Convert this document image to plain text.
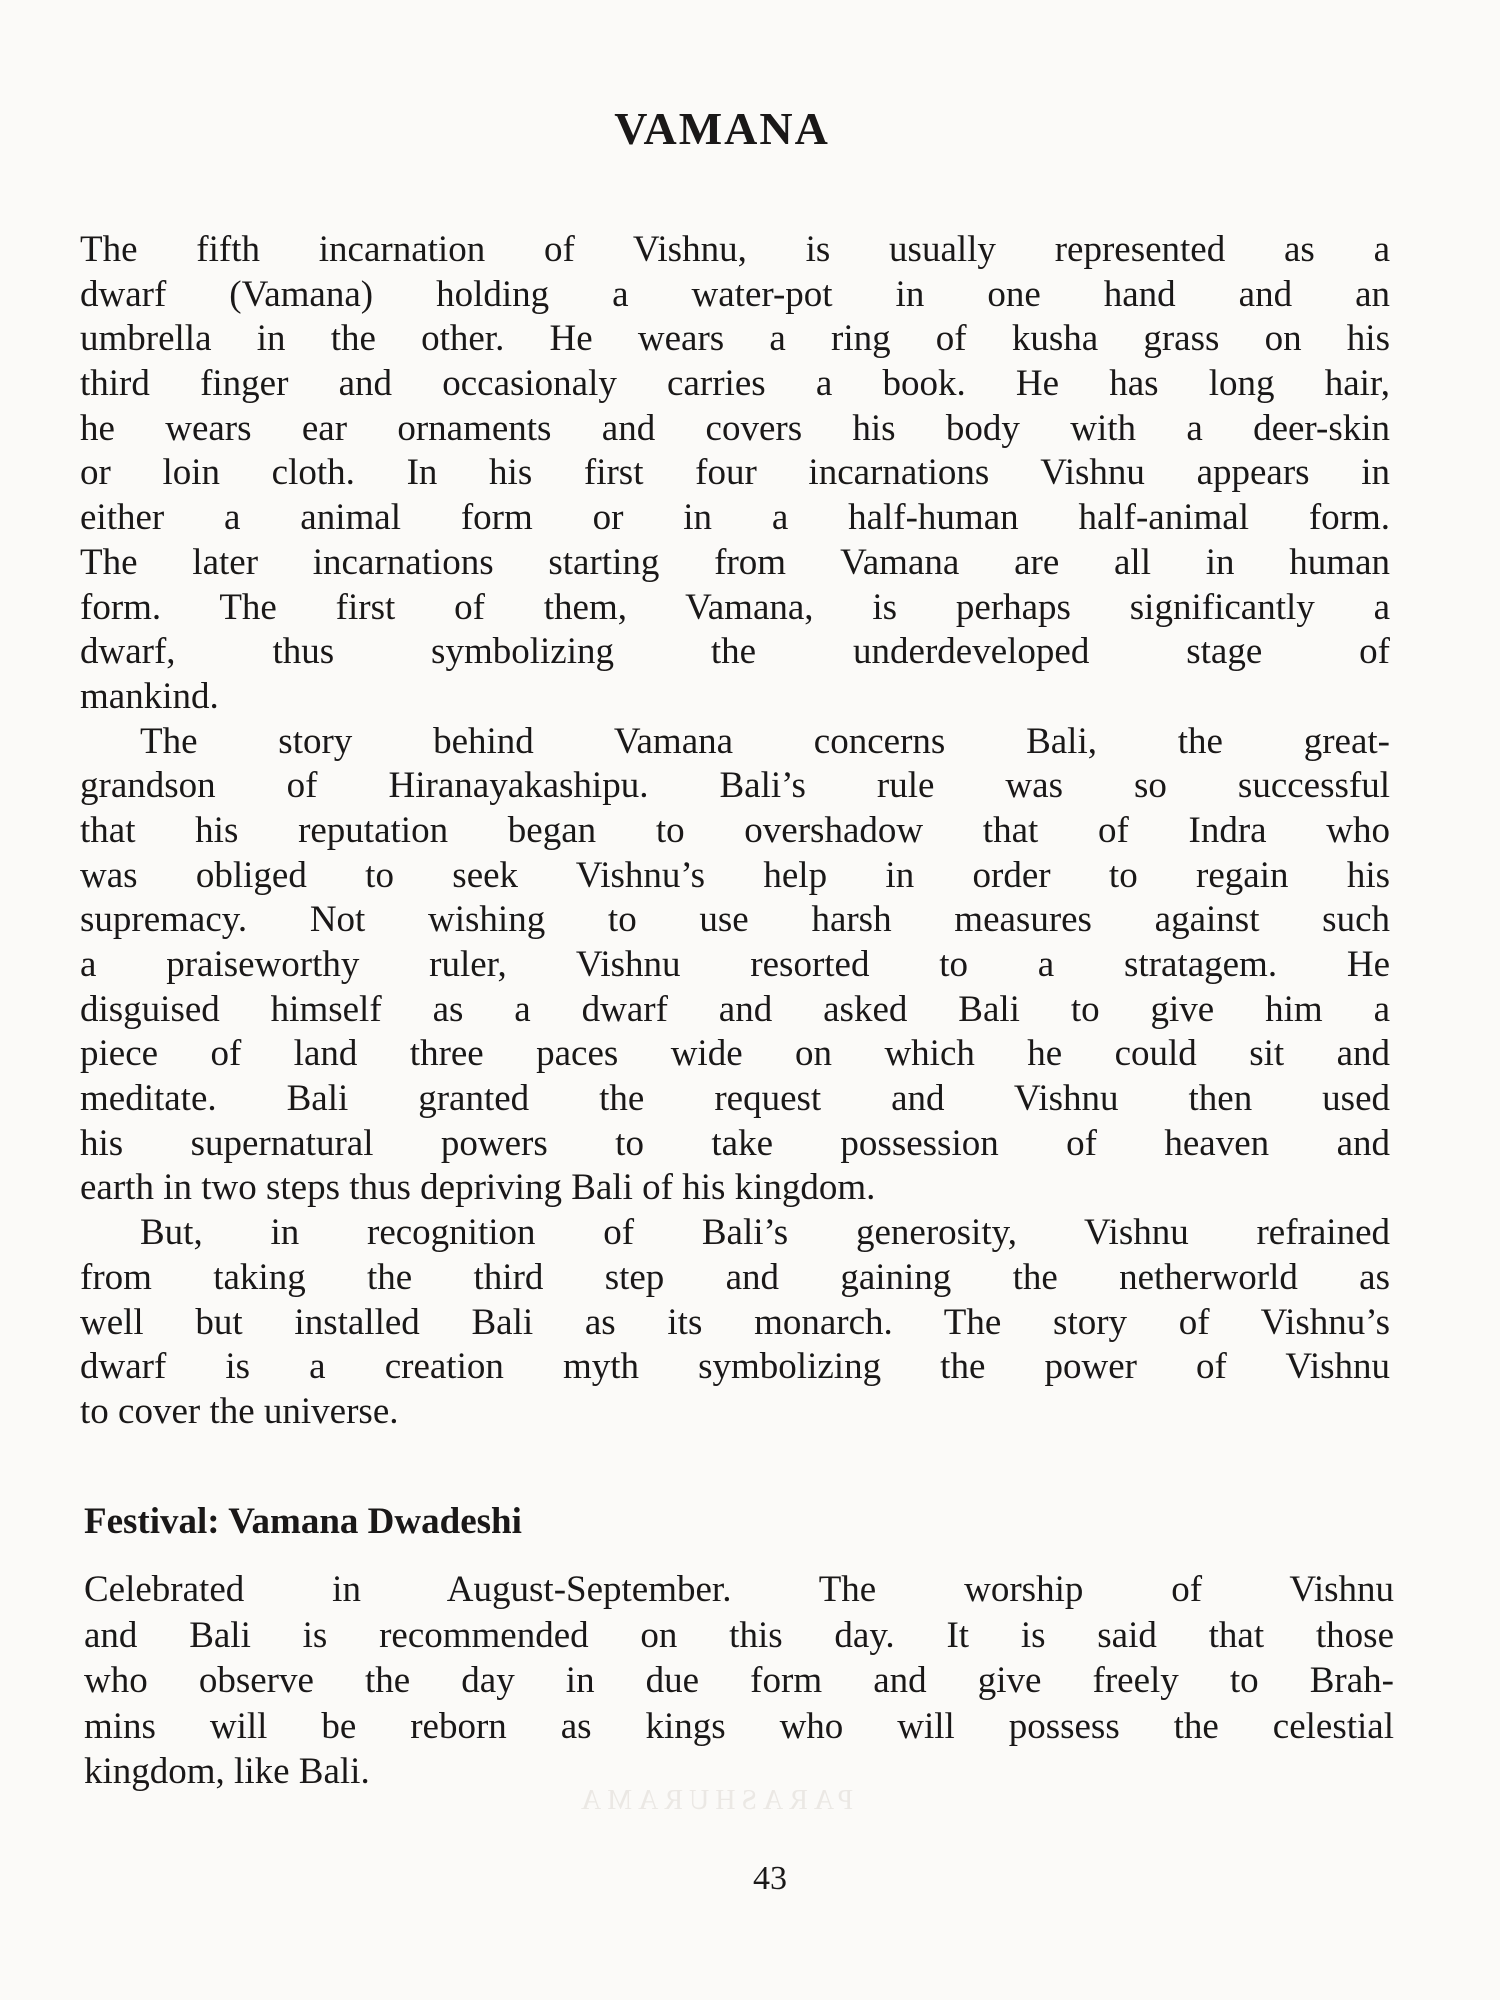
PARASHURAMA
VAMANA
The fifth incarnation of Vishnu, is usually represented as a
dwarf (Vamana) holding a water-pot in one hand and an
umbrella in the other. He wears a ring of kusha grass on his
third finger and occasionaly carries a book. He has long hair,
he wears ear ornaments and covers his body with a deer-skin
or loin cloth. In his first four incarnations Vishnu appears in
either a animal form or in a half-human half-animal form.
The later incarnations starting from Vamana are all in human
form. The first of them, Vamana, is perhaps significantly a
dwarf, thus symbolizing the underdeveloped stage of
mankind.
The story behind Vamana concerns Bali, the great-
grandson of Hiranayakashipu. Bali’s rule was so successful
that his reputation began to overshadow that of Indra who
was obliged to seek Vishnu’s help in order to regain his
supremacy. Not wishing to use harsh measures against such
a praiseworthy ruler, Vishnu resorted to a stratagem. He
disguised himself as a dwarf and asked Bali to give him a
piece of land three paces wide on which he could sit and
meditate. Bali granted the request and Vishnu then used
his supernatural powers to take possession of heaven and
earth in two steps thus depriving Bali of his kingdom.
But, in recognition of Bali’s generosity, Vishnu refrained
from taking the third step and gaining the netherworld as
well but installed Bali as its monarch. The story of Vishnu’s
dwarf is a creation myth symbolizing the power of Vishnu
to cover the universe.
Festival: Vamana Dwadeshi
Celebrated in August-September. The worship of Vishnu
and Bali is recommended on this day. It is said that those
who observe the day in due form and give freely to Brah-
mins will be reborn as kings who will possess the celestial
kingdom, like Bali.
43
